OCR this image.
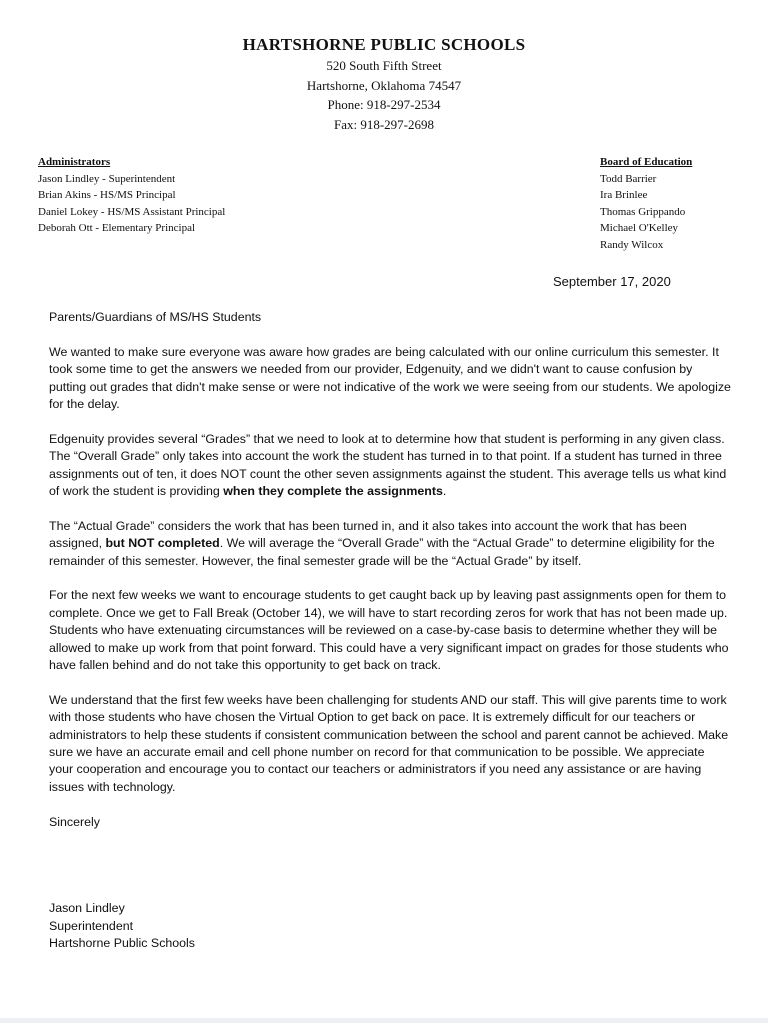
HARTSHORNE PUBLIC SCHOOLS
520 South Fifth Street
Hartshorne, Oklahoma 74547
Phone: 918-297-2534
Fax: 918-297-2698
Administrators
Jason Lindley - Superintendent
Brian Akins - HS/MS Principal
Daniel Lokey - HS/MS Assistant Principal
Deborah Ott - Elementary Principal
Board of Education
Todd Barrier
Ira Brinlee
Thomas Grippando
Michael O'Kelley
Randy Wilcox
September 17, 2020

Parents/Guardians of MS/HS Students

We wanted to make sure everyone was aware how grades are being calculated with our online curriculum this semester. It took some time to get the answers we needed from our provider, Edgenuity, and we didn't want to cause confusion by putting out grades that didn't make sense or were not indicative of the work we were seeing from our students. We apologize for the delay.

Edgenuity provides several “Grades” that we need to look at to determine how that student is performing in any given class. The “Overall Grade” only takes into account the work the student has turned in to that point. If a student has turned in three assignments out of ten, it does NOT count the other seven assignments against the student. This average tells us what kind of work the student is providing when they complete the assignments.

The “Actual Grade” considers the work that has been turned in, and it also takes into account the work that has been assigned, but NOT completed. We will average the “Overall Grade” with the “Actual Grade” to determine eligibility for the remainder of this semester. However, the final semester grade will be the “Actual Grade” by itself.

For the next few weeks we want to encourage students to get caught back up by leaving past assignments open for them to complete. Once we get to Fall Break (October 14), we will have to start recording zeros for work that has not been made up. Students who have extenuating circumstances will be reviewed on a case-by-case basis to determine whether they will be allowed to make up work from that point forward. This could have a very significant impact on grades for those students who have fallen behind and do not take this opportunity to get back on track.

We understand that the first few weeks have been challenging for students AND our staff. This will give parents time to work with those students who have chosen the Virtual Option to get back on pace. It is extremely difficult for our teachers or administrators to help these students if consistent communication between the school and parent cannot be achieved. Make sure we have an accurate email and cell phone number on record for that communication to be possible. We appreciate your cooperation and encourage you to contact our teachers or administrators if you need any assistance or are having issues with technology.

Sincerely

Jason Lindley

Superintendent

Hartshorne Public Schools
